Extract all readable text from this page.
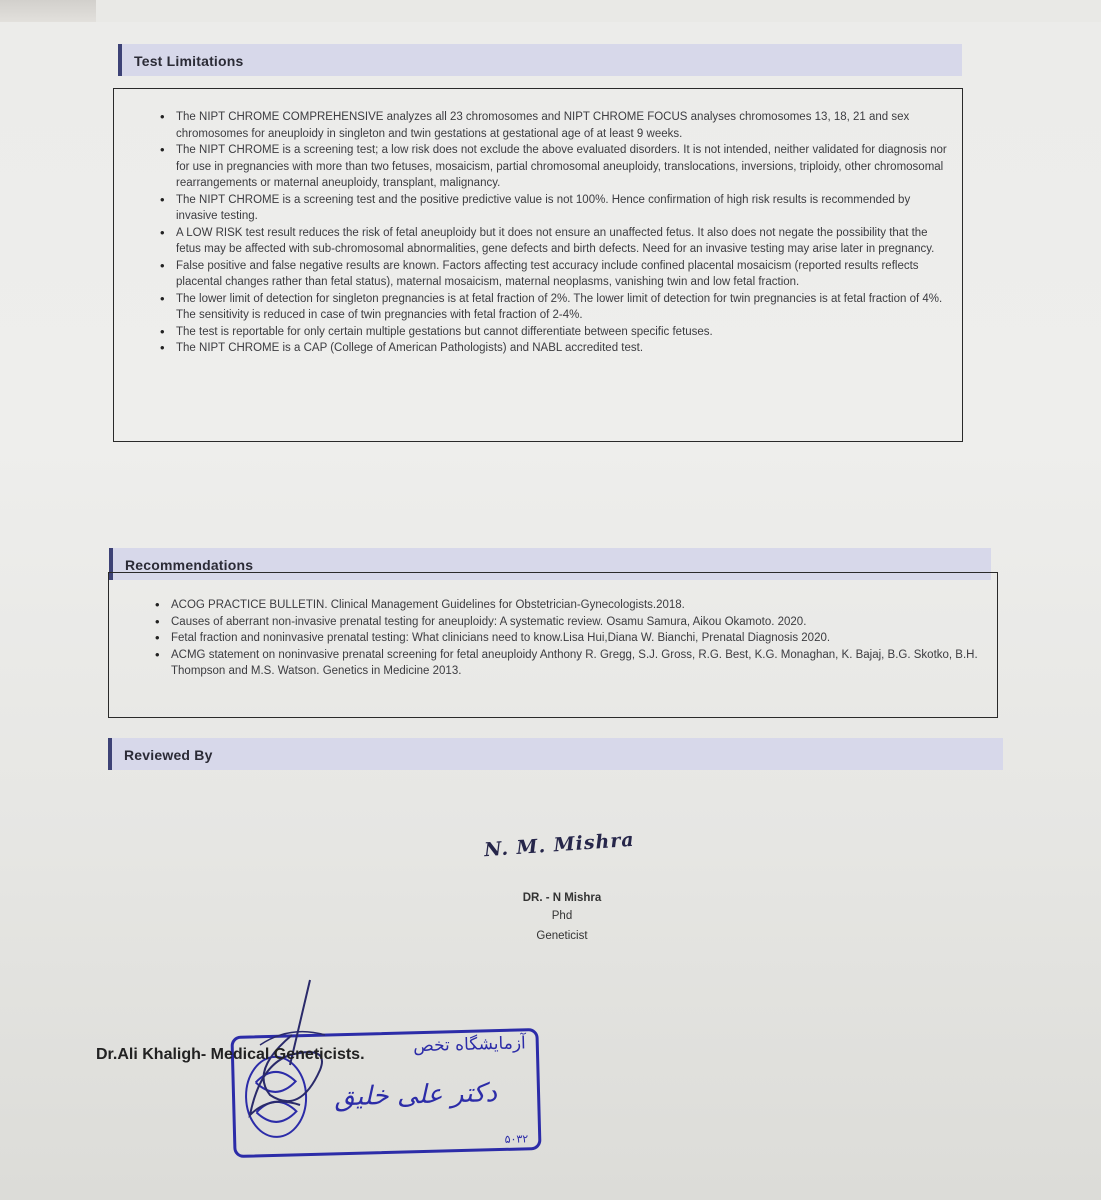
Test Limitations
• The NIPT CHROME COMPREHENSIVE analyzes all 23 chromosomes and NIPT CHROME FOCUS analyses chromosomes 13, 18, 21 and sex chromosomes for aneuploidy in singleton and twin gestations at gestational age of at least 9 weeks.
• The NIPT CHROME is a screening test; a low risk does not exclude the above evaluated disorders. It is not intended, neither validated for diagnosis nor for use in pregnancies with more than two fetuses, mosaicism, partial chromosomal aneuploidy, translocations, inversions, triploidy, other chromosomal rearrangements or maternal aneuploidy, transplant, malignancy.
• The NIPT CHROME is a screening test and the positive predictive value is not 100%. Hence confirmation of high risk results is recommended by invasive testing.
• A LOW RISK test result reduces the risk of fetal aneuploidy but it does not ensure an unaffected fetus. It also does not negate the possibility that the fetus may be affected with sub-chromosomal abnormalities, gene defects and birth defects. Need for an invasive testing may arise later in pregnancy.
• False positive and false negative results are known. Factors affecting test accuracy include confined placental mosaicism (reported results reflects placental changes rather than fetal status), maternal mosaicism, maternal neoplasms, vanishing twin and low fetal fraction.
• The lower limit of detection for singleton pregnancies is at fetal fraction of 2%. The lower limit of detection for twin pregnancies is at fetal fraction of 4%. The sensitivity is reduced in case of twin pregnancies with fetal fraction of 2-4%.
• The test is reportable for only certain multiple gestations but cannot differentiate between specific fetuses.
• The NIPT CHROME is a CAP (College of American Pathologists) and NABL accredited test.
Recommendations
• ACOG PRACTICE BULLETIN. Clinical Management Guidelines for Obstetrician-Gynecologists.2018.
• Causes of aberrant non-invasive prenatal testing for aneuploidy: A systematic review. Osamu Samura, Aikou Okamoto. 2020.
• Fetal fraction and noninvasive prenatal testing: What clinicians need to know.Lisa Hui,Diana W. Bianchi, Prenatal Diagnosis 2020.
• ACMG statement on noninvasive prenatal screening for fetal aneuploidy Anthony R. Gregg, S.J. Gross, R.G. Best, K.G. Monaghan, K. Bajaj, B.G. Skotko, B.H. Thompson and M.S. Watson. Genetics in Medicine 2013.
Reviewed By
N. M. Mishra
DR. - N Mishra
Phd
Geneticist
آزمایشگاه تخص
دکتر علی خلیق
۵۰۳۲
Dr.Ali Khaligh- Medical Geneticists.
